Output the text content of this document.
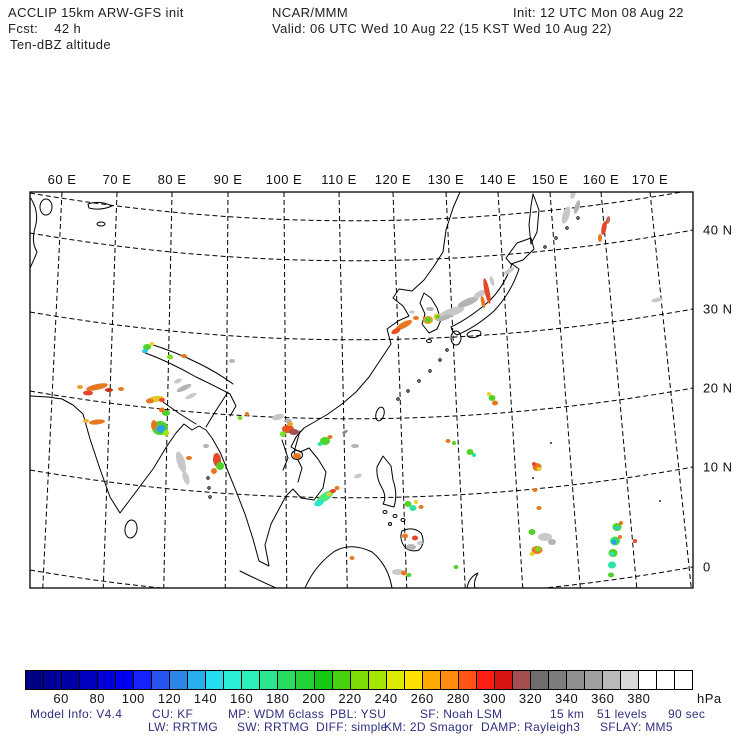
ACCLIP 15km ARW-GFS init	NCAR/MMM	Init: 12 UTC Mon 08 Aug 22
Fcst:    42 h	Valid: 06 UTC Wed 10 Aug 22 (15 KST Wed 10 Aug 22)
Ten-dBZ altitude
60 E 70 E 80 E 90 E 100 E 110 E 120 E 130 E 140 E 150 E 160 E 170 E
40 N
30 N
20 N
10 N
0
60 80 100 120 140 160 180 200 220 240 260 280 300 320 340 360 380	hPa
Model Info: V4.4 CU: KF	MP: WDM 6class PBL: YSU	SF: Noah LSM	15 km 51 levels 90 sec
LW: RRTMG SW: RRTMG DIFF: simple
KM: 2D Smagor DAMP: Rayleigh3 SFLAY: MM5
